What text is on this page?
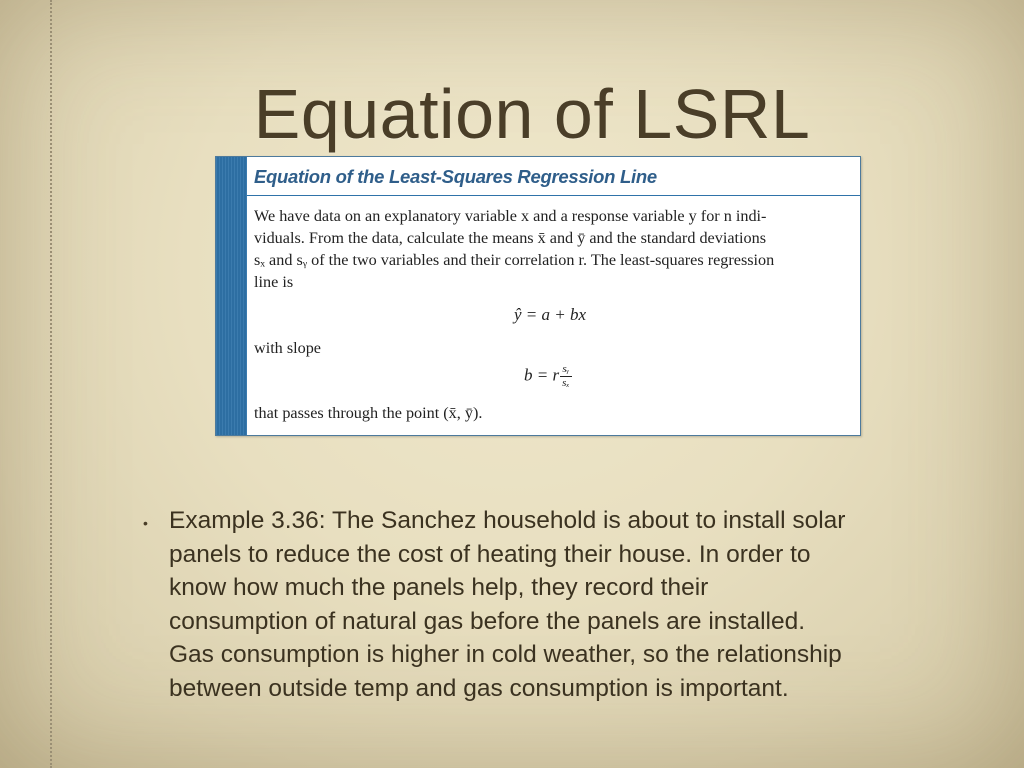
Equation of LSRL
Equation of the Least-Squares Regression Line
We have data on an explanatory variable x and a response variable y for n indi-
viduals. From the data, calculate the means x̄ and ȳ and the standard deviations
sₓ and sᵧ of the two variables and their correlation r. The least-squares regression
line is
ŷ = a + bx
with slope
b = r $\frac{\text{sᵧ}}{\text{sₓ}}$
that passes through the point (x̄, ȳ).
• Example 3.36: The Sanchez household is about to install solar
panels to reduce the cost of heating their house. In order to
know how much the panels help, they record their
consumption of natural gas before the panels are installed.
Gas consumption is higher in cold weather, so the relationship
between outside temp and gas consumption is important.
